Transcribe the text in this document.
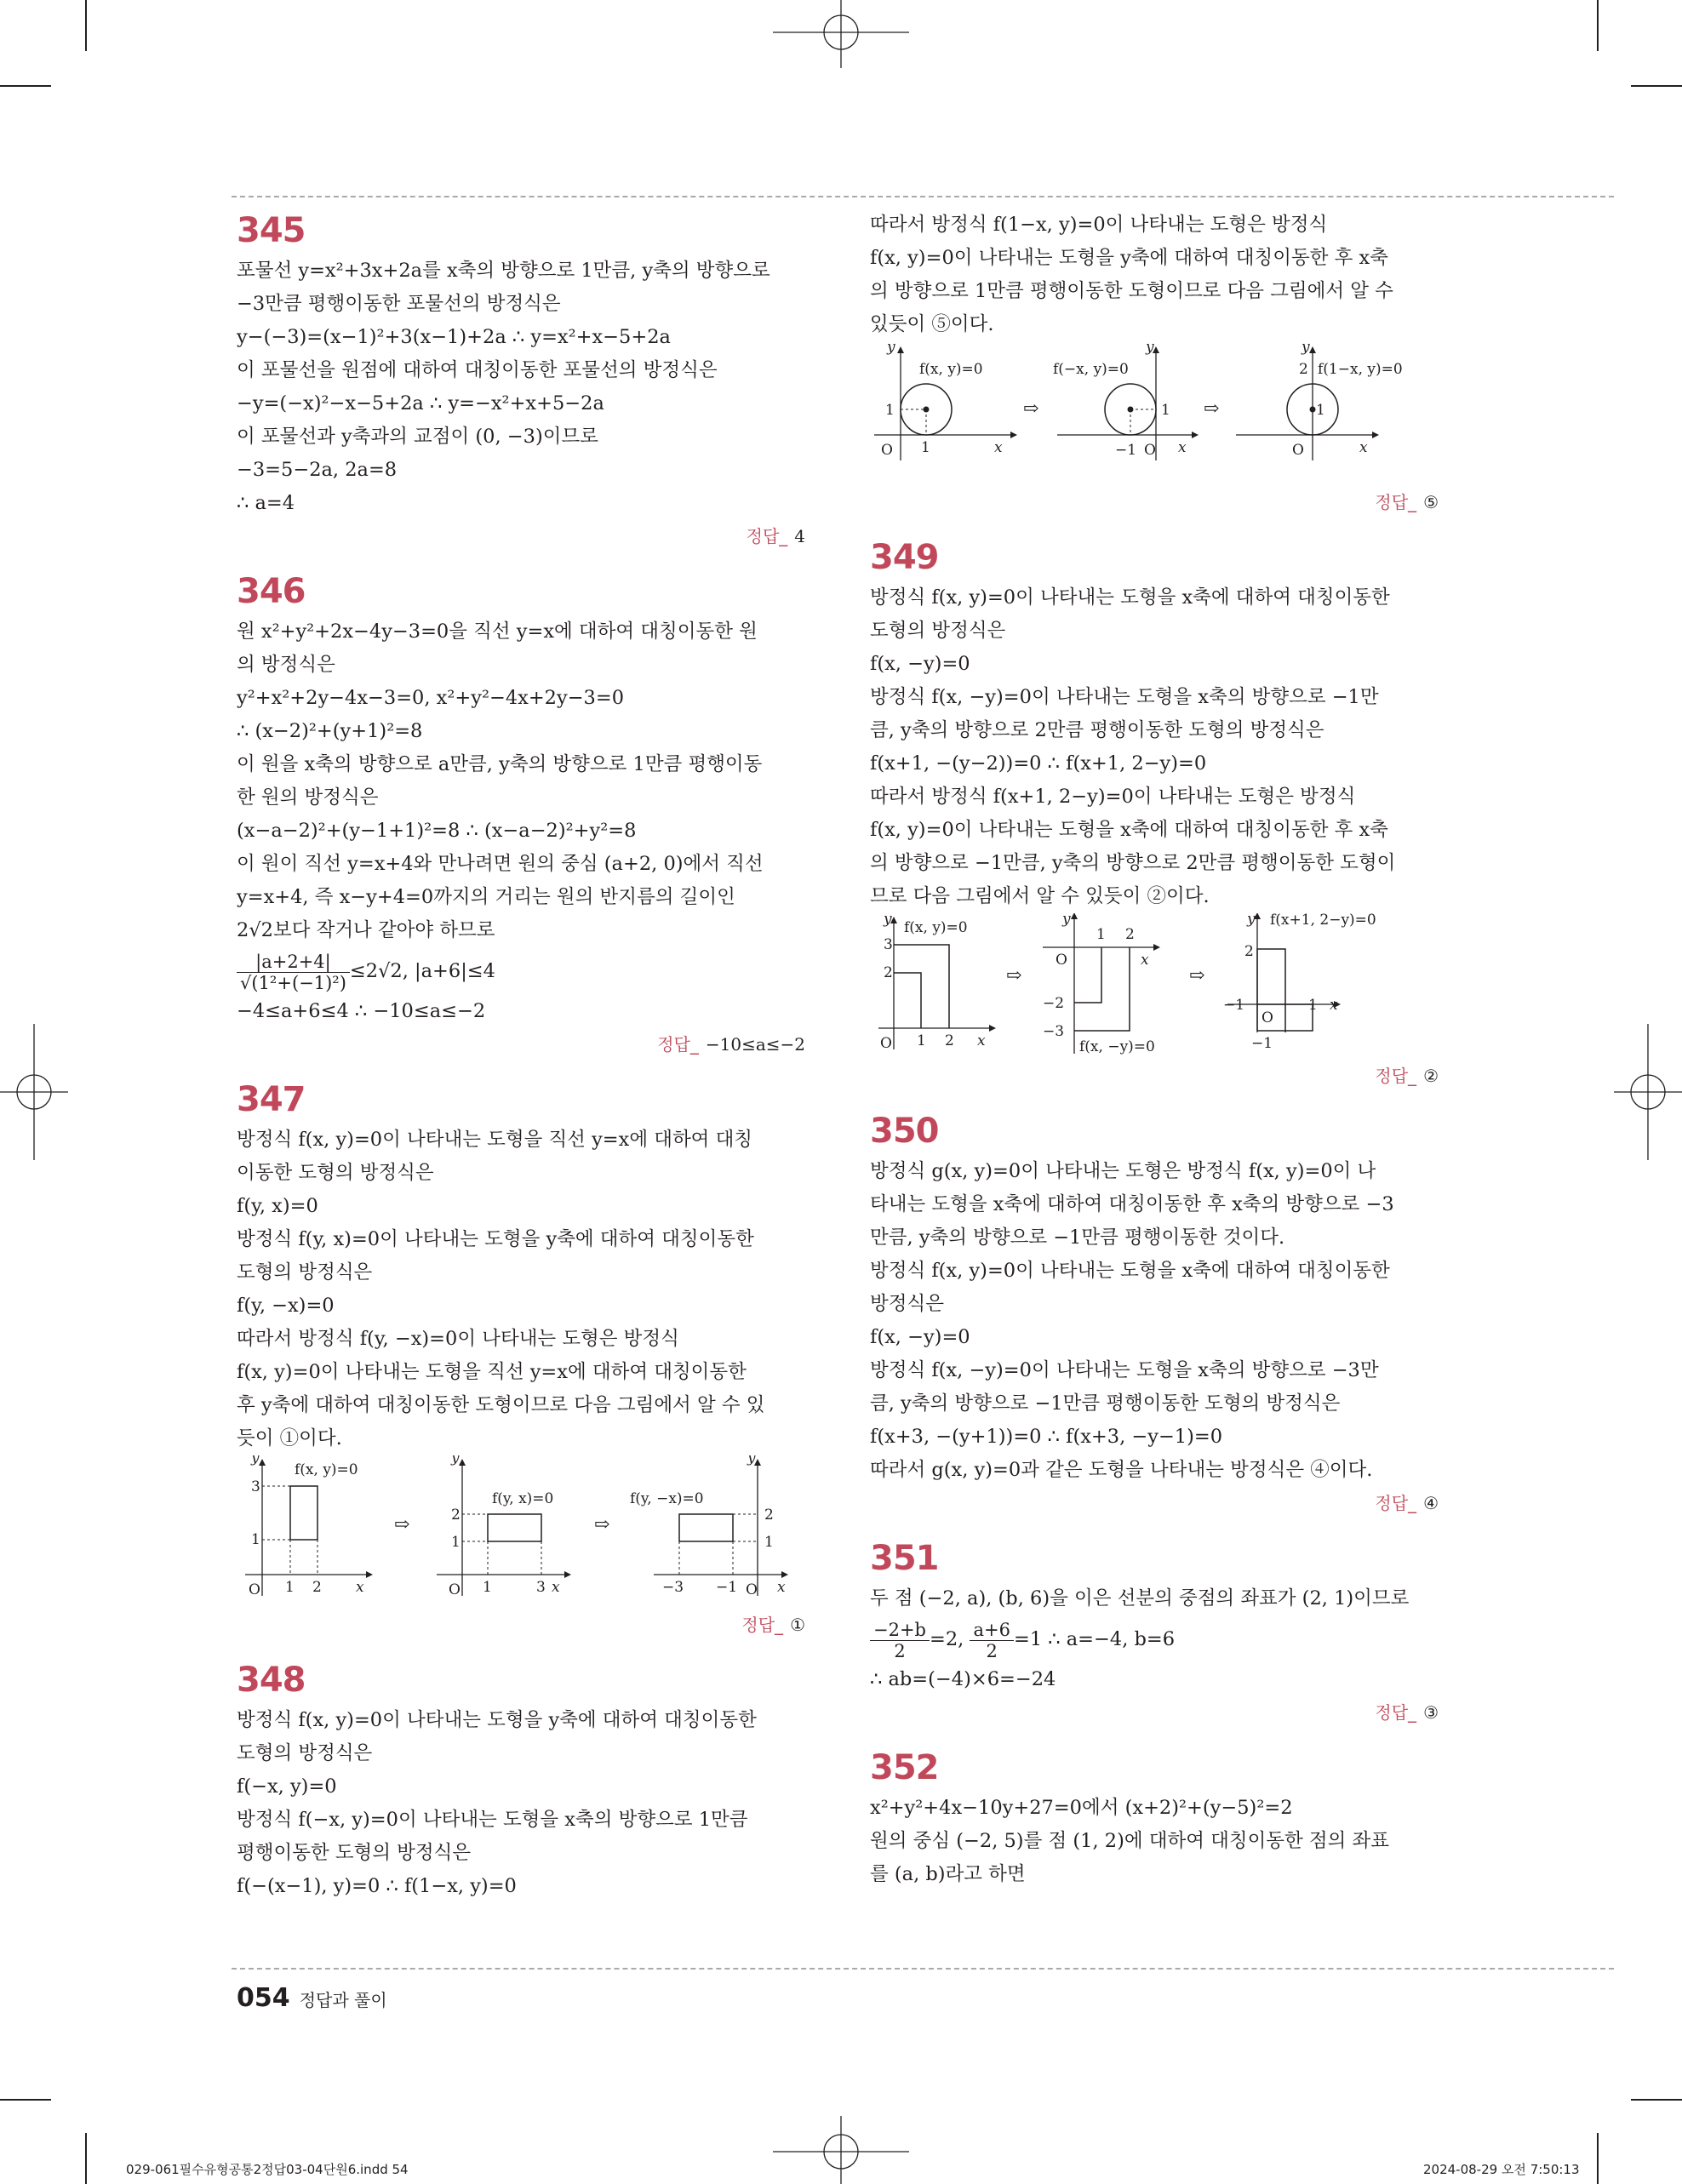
345
포물선 y=x²+3x+2a를 x축의 방향으로 1만큼, y축의 방향으로
−3만큼 평행이동한 포물선의 방정식은
y−(−3)=(x−1)²+3(x−1)+2a ∴ y=x²+x−5+2a
이 포물선을 원점에 대하여 대칭이동한 포물선의 방정식은
−y=(−x)²−x−5+2a ∴ y=−x²+x+5−2a
이 포물선과 y축과의 교점이 (0, −3)이므로
−3=5−2a, 2a=8
∴ a=4
정답_ 4
346
원 x²+y²+2x−4y−3=0을 직선 y=x에 대하여 대칭이동한 원
의 방정식은
y²+x²+2y−4x−3=0, x²+y²−4x+2y−3=0
∴ (x−2)²+(y+1)²=8
이 원을 x축의 방향으로 a만큼, y축의 방향으로 1만큼 평행이동
한 원의 방정식은
(x−a−2)²+(y−1+1)²=8 ∴ (x−a−2)²+y²=8
이 원이 직선 y=x+4와 만나려면 원의 중심 (a+2, 0)에서 직선
y=x+4, 즉 x−y+4=0까지의 거리는 원의 반지름의 길이인
2√2보다 작거나 같아야 하므로
$\frac{|a+2+4|}{\text{√(1²+(−1)²)}} \le 2√2$, |a+6|≤4
−4≤a+6≤4 ∴ −10≤a≤−2
정답_ −10≤a≤−2
347
방정식 f(x, y)=0이 나타내는 도형을 직선 y=x에 대하여 대칭
이동한 도형의 방정식은
f(y, x)=0
방정식 f(y, x)=0이 나타내는 도형을 y축에 대하여 대칭이동한
도형의 방정식은
f(y, −x)=0
따라서 방정식 f(y, −x)=0이 나타내는 도형은 방정식
f(x, y)=0이 나타내는 도형을 직선 y=x에 대하여 대칭이동한
후 y축에 대하여 대칭이동한 도형이므로 다음 그림에서 알 수 있
듯이 ①이다.
y
3
1
O 1 2 x
f(x, y)=0
⇨
y
2
1
O 1	3 x
f(y, x)=0
⇨
y
2
1
O
−3 −1	x
f(y, −x)=0
정답_ ①
348
방정식 f(x, y)=0이 나타내는 도형을 y축에 대하여 대칭이동한
도형의 방정식은
f(−x, y)=0
방정식 f(−x, y)=0이 나타내는 도형을 x축의 방향으로 1만큼
평행이동한 도형의 방정식은
f(−(x−1), y)=0 ∴ f(1−x, y)=0
따라서 방정식 f(1−x, y)=0이 나타내는 도형은 방정식
f(x, y)=0이 나타내는 도형을 y축에 대하여 대칭이동한 후 x축
의 방향으로 1만큼 평행이동한 도형이므로 다음 그림에서 알 수
있듯이 ⑤이다.
y
1
O 1	x
f(x, y)=0
⇨
y
1
−1 O x
f(−x, y)=0
⇨
y
2
1
O	x
f(1−x, y)=0
정답_ ⑤
349
방정식 f(x, y)=0이 나타내는 도형을 x축에 대하여 대칭이동한
도형의 방정식은
f(x, −y)=0
방정식 f(x, −y)=0이 나타내는 도형을 x축의 방향으로 −1만
큼, y축의 방향으로 2만큼 평행이동한 도형의 방정식은
f(x+1, −(y−2))=0 ∴ f(x+1, 2−y)=0
따라서 방정식 f(x+1, 2−y)=0이 나타내는 도형은 방정식
f(x, y)=0이 나타내는 도형을 x축에 대하여 대칭이동한 후 x축
의 방향으로 −1만큼, y축의 방향으로 2만큼 평행이동한 도형이
므로 다음 그림에서 알 수 있듯이 ②이다.
y
3
2
O 1 2 x
f(x, y)=0
⇨
y
1 2
O	x
−2
−3
f(x, −y)=0
⇨
y f(x+1, 2−y)=0
2
−1
O
1 x
−1
정답_ ②
350
방정식 g(x, y)=0이 나타내는 도형은 방정식 f(x, y)=0이 나
타내는 도형을 x축에 대하여 대칭이동한 후 x축의 방향으로 −3
만큼, y축의 방향으로 −1만큼 평행이동한 것이다.
방정식 f(x, y)=0이 나타내는 도형을 x축에 대하여 대칭이동한
방정식은
f(x, −y)=0
방정식 f(x, −y)=0이 나타내는 도형을 x축의 방향으로 −3만
큼, y축의 방향으로 −1만큼 평행이동한 도형의 방정식은
f(x+3, −(y+1))=0 ∴ f(x+3, −y−1)=0
따라서 g(x, y)=0과 같은 도형을 나타내는 방정식은 ④이다.
정답_ ④
351
두 점 (−2, a), (b, 6)을 이은 선분의 중점의 좌표가 (2, 1)이므로
$\frac{-2+b}{2} =2$, $\frac{a+6}{2} =1$ ∴ a=−4, b=6
∴ ab=(−4)×6=−24
정답_ ③
352
x²+y²+4x−10y+27=0에서 (x+2)²+(y−5)²=2
원의 중심 (−2, 5)를 점 (1, 2)에 대하여 대칭이동한 점의 좌표
를 (a, b)라고 하면
054 정답과 풀이
029-061필수유형공통2정답03-04단원6.indd 54	2024-08-29 오전 7:50:13
